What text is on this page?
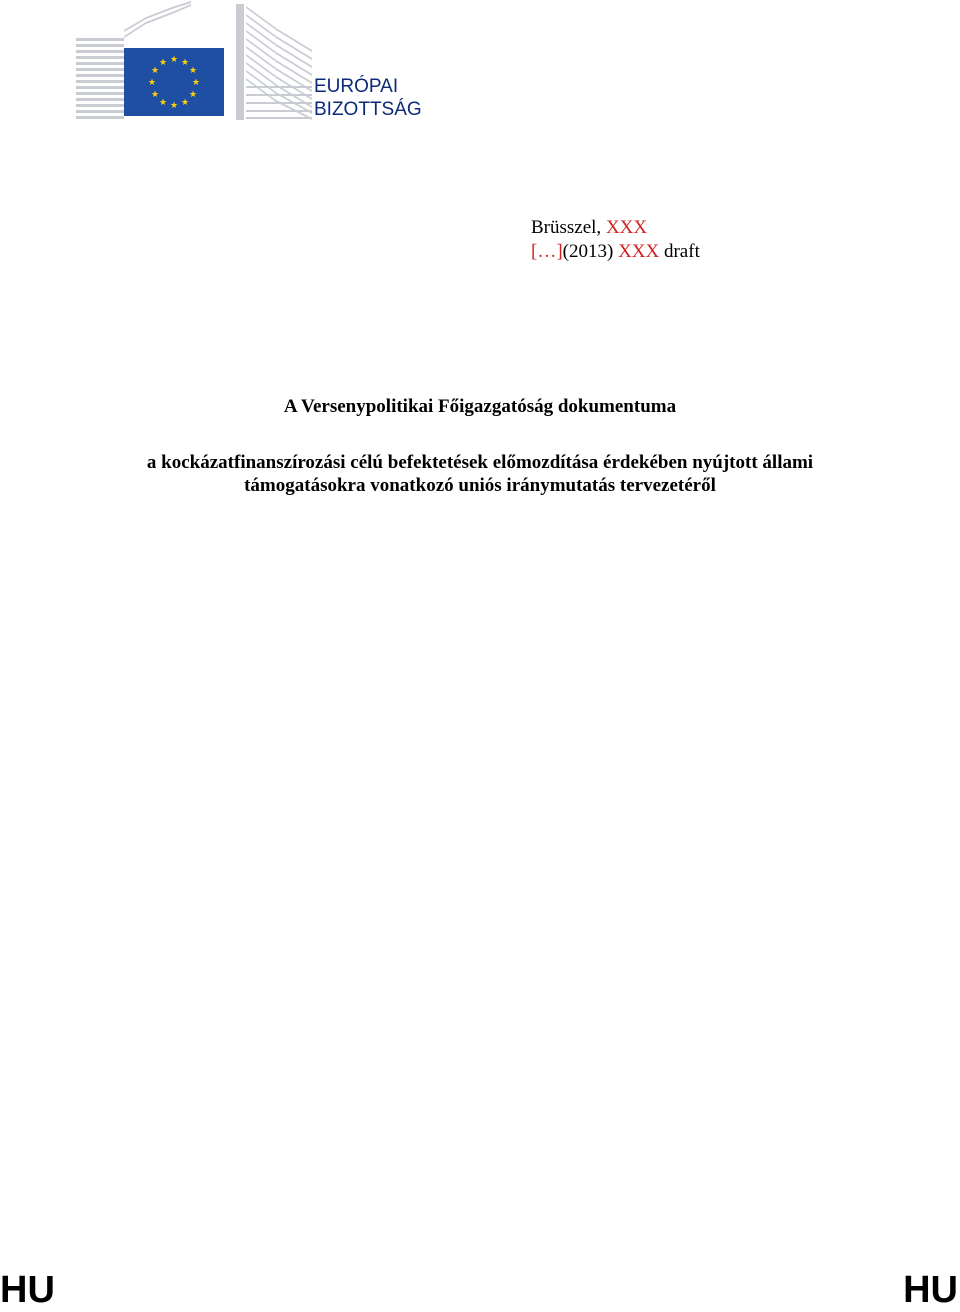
★ ★
★
★
★
★
★
★
★
★
★
★
EURÓPAI
BIZOTTSÁG
Brüsszel, XXX
[…](2013) XXX draft
A Versenypolitikai Főigazgatóság dokumentuma
a kockázatfinanszírozási célú befektetések előmozdítása érdekében nyújtott állami
támogatásokra vonatkozó uniós iránymutatás tervezetéről
HU	HU
